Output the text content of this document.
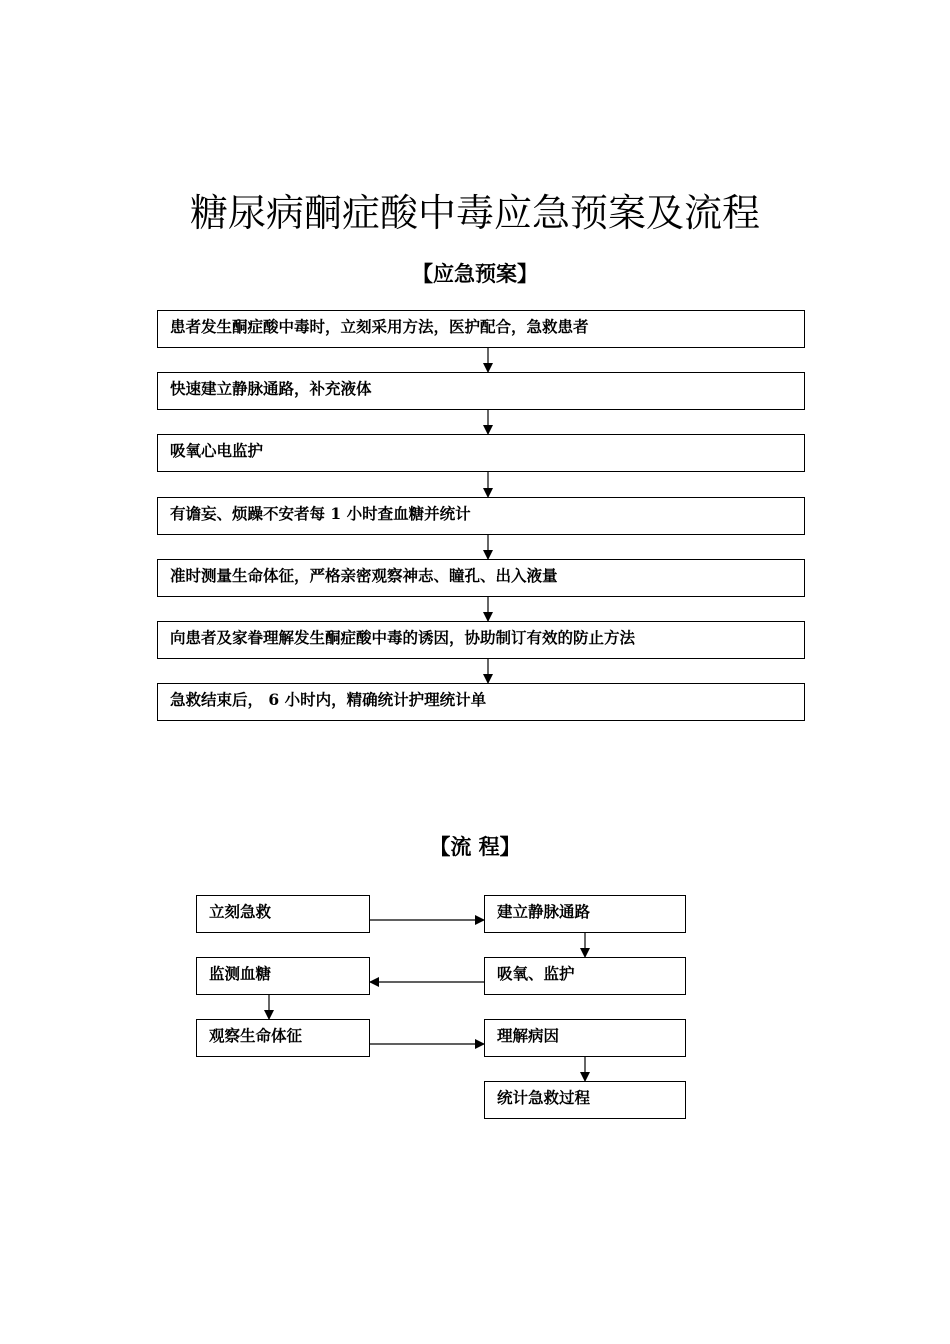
糖尿病酮症酸中毒应急预案及流程
【应急预案】
患者发生酮症酸中毒时，立刻采用方法，医护配合，急救患者
快速建立静脉通路，补充液体
吸氧心电监护
有谵妄、烦躁不安者每 1 小时查血糖并统计
准时测量生命体征，严格亲密观察神志、瞳孔、出入液量
向患者及家眷理解发生酮症酸中毒的诱因，协助制订有效的防止方法
急救结束后， 6 小时内，精确统计护理统计单
【流 程】
立刻急救	建立静脉通路
吸氧、监护
监测血糖
观察生命体征	理解病因
统计急救过程
